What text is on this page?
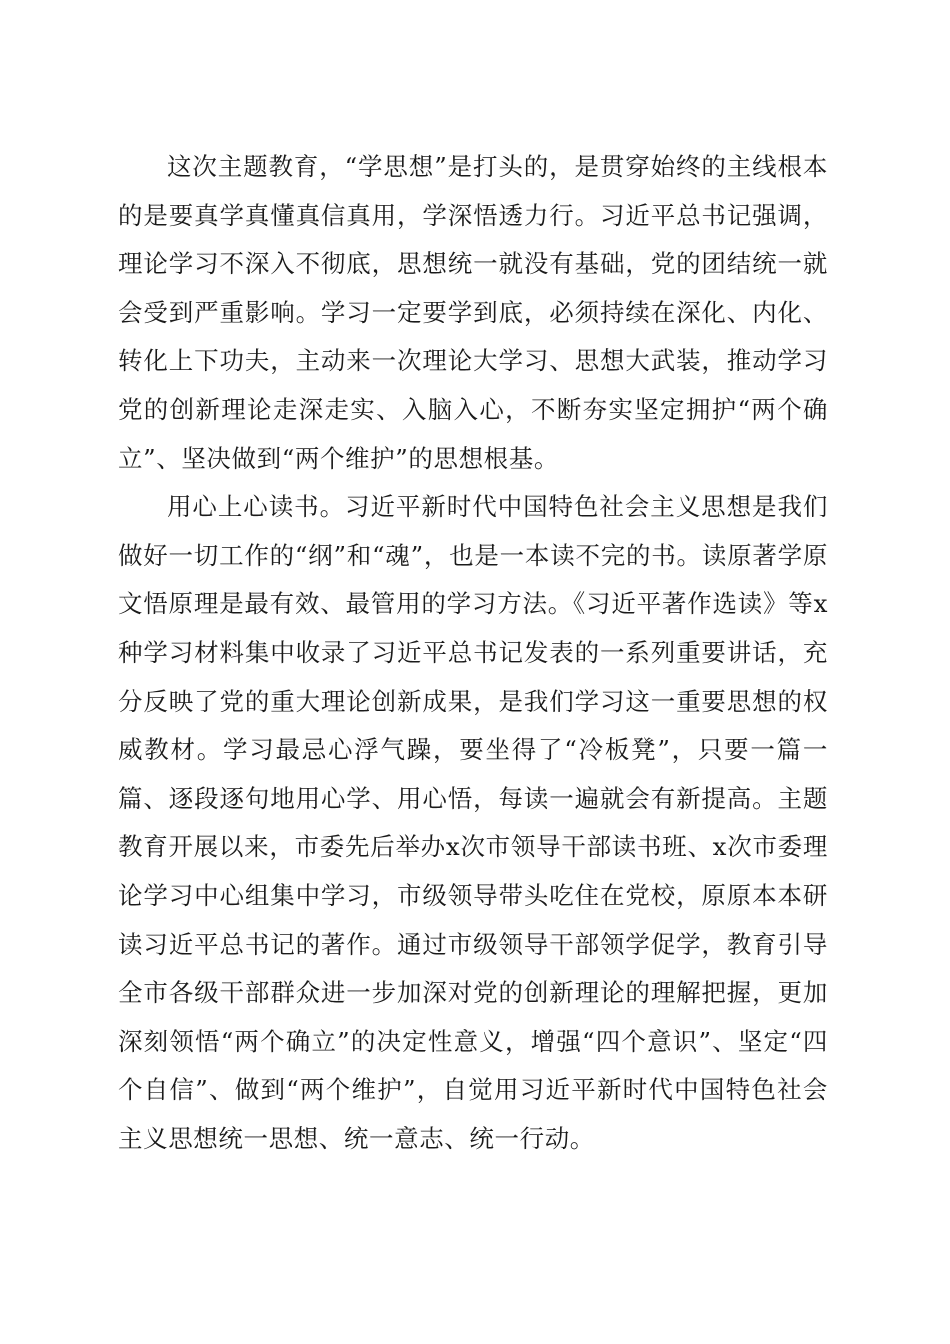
这次主题教育，“学思想”是打头的，是贯穿始终的主线根本的是要真学真懂真信真用，学深悟透力行。习近平总书记强调，理论学习不深入不彻底，思想统一就没有基础，党的团结统一就会受到严重影响。学习一定要学到底，必须持续在深化、内化、转化上下功夫，主动来一次理论大学习、思想大武装，推动学习党的创新理论走深走实、入脑入心，不断夯实坚定拥护“两个确立”、坚决做到“两个维护”的思想根基。

用心上心读书。习近平新时代中国特色社会主义思想是我们做好一切工作的“纲”和“魂”，也是一本读不完的书。读原著学原文悟原理是最有效、最管用的学习方法。《习近平著作选读》等x种学习材料集中收录了习近平总书记发表的一系列重要讲话，充分反映了党的重大理论创新成果，是我们学习这一重要思想的权威教材。学习最忌心浮气躁，要坐得了“冷板凳”，只要一篇一篇、逐段逐句地用心学、用心悟，每读一遍就会有新提高。主题教育开展以来，市委先后举办x次市领导干部读书班、x次市委理论学习中心组集中学习，市级领导带头吃住在党校，原原本本研读习近平总书记的著作。通过市级领导干部领学促学，教育引导全市各级干部群众进一步加深对党的创新理论的理解把握，更加深刻领悟“两个确立”的决定性意义，增强“四个意识”、坚定“四个自信”、做到“两个维护”，自觉用习近平新时代中国特色社会主义思想统一思想、统一意志、统一行动。
